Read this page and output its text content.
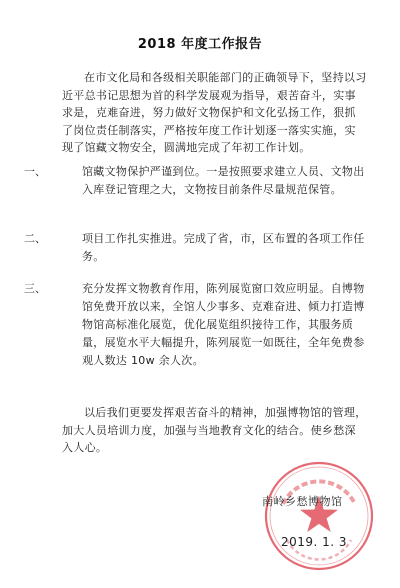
2018 年度工作报告

在市文化局和各级相关职能部门的正确领导下，坚持以习近平总书记思想为首的科学发展观为指导，艰苦奋斗，实事求是，克难奋进，努力做好文物保护和文化弘扬工作，狠抓了岗位责任制落实，严格按年度工作计划逐一落实实施，实现了馆藏文物安全，圆满地完成了年初工作计划。

一、	馆藏文物保护严谨到位。一是按照要求建立人员、文物出入库登记管理之大，文物按目前条件尽量规范保管。
二、	项目工作扎实推进。完成了省，市，区布置的各项工作任务。
三、	充分发挥文物教育作用，陈列展览窗口效应明显。自博物馆免费开放以来，全馆人少事多、克难奋进、倾力打造博物馆高标准化展览，优化展览组织接待工作，其服务质量，展览水平大幅提升，陈列展览一如既往，全年免费参观人数达 10w 余人次。

以后我们更要发挥艰苦奋斗的精神，加强博物馆的管理，加大人员培训力度，加强与当地教育文化的结合。使乡愁深入人心。

南岭乡愁博物馆
2019. 1. 3
